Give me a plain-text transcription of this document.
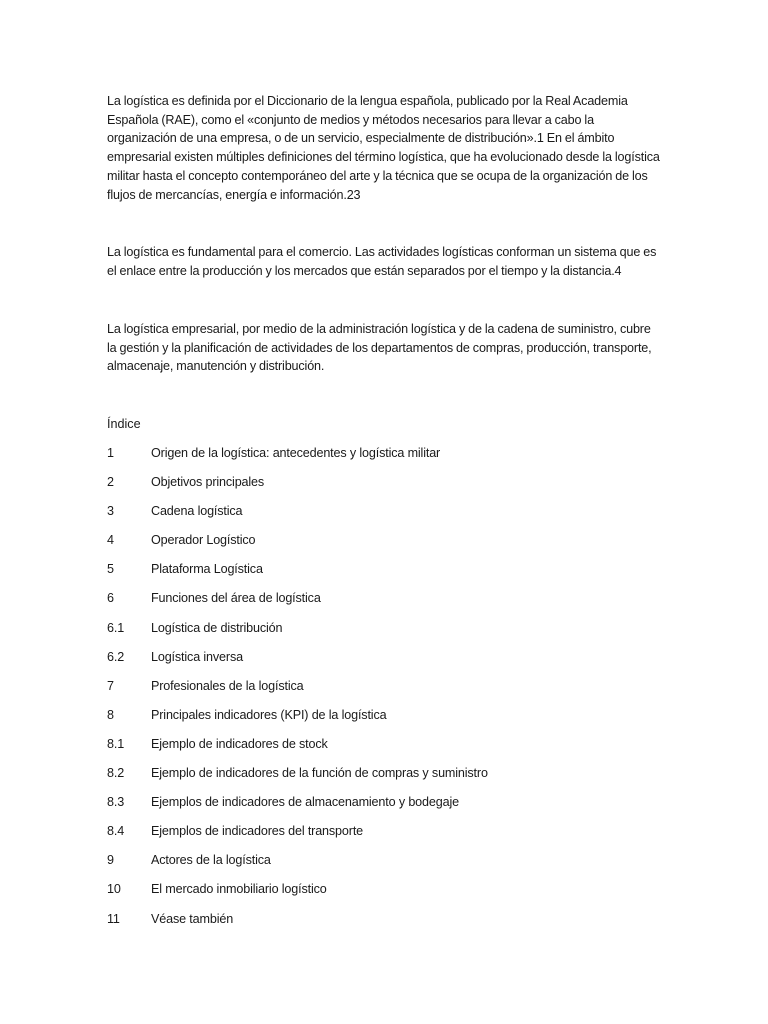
La logística es definida por el Diccionario de la lengua española, publicado por la Real Academia Española (RAE), como el «conjunto de medios y métodos necesarios para llevar a cabo la organización de una empresa, o de un servicio, especialmente de distribución».1 En el ámbito empresarial existen múltiples definiciones del término logística, que ha evolucionado desde la logística militar hasta el concepto contemporáneo del arte y la técnica que se ocupa de la organización de los flujos de mercancías, energía e información.23

La logística es fundamental para el comercio. Las actividades logísticas conforman un sistema que es el enlace entre la producción y los mercados que están separados por el tiempo y la distancia.4

La logística empresarial, por medio de la administración logística y de la cadena de suministro, cubre la gestión y la planificación de actividades de los departamentos de compras, producción, transporte, almacenaje, manutención y distribución.

Índice

1	Origen de la logística: antecedentes y logística militar
2	Objetivos principales
3	Cadena logística
4	Operador Logístico
5	Plataforma Logística
6	Funciones del área de logística
6.1	Logística de distribución
6.2	Logística inversa
7	Profesionales de la logística
8	Principales indicadores (KPI) de la logística
8.1	Ejemplo de indicadores de stock
8.2	Ejemplo de indicadores de la función de compras y suministro
8.3	Ejemplos de indicadores de almacenamiento y bodegaje
8.4	Ejemplos de indicadores del transporte
9	Actores de la logística
10	El mercado inmobiliario logístico
11	Véase también
